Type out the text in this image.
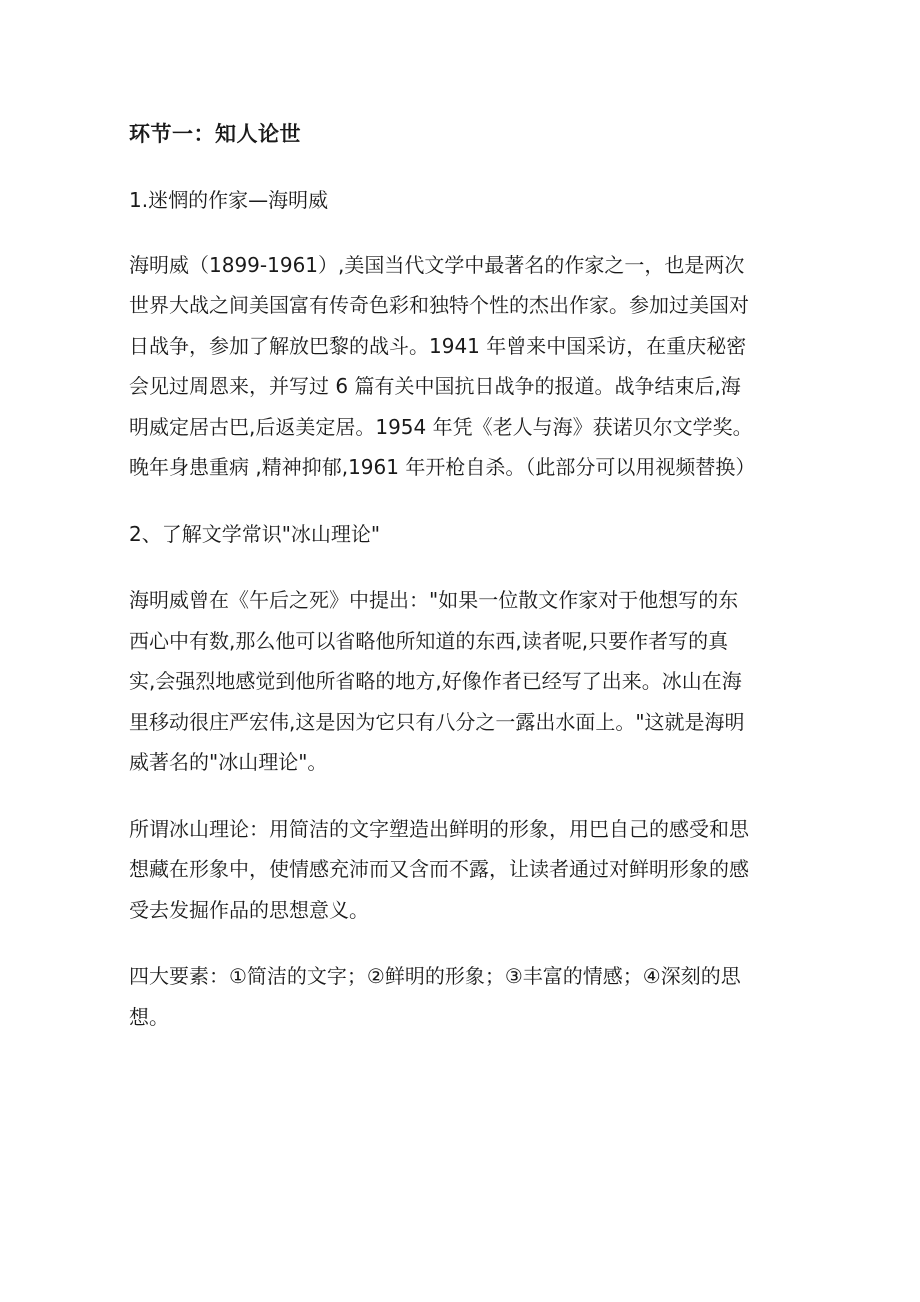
环节一：知人论世

1.迷惘的作家—海明威

海明威（1899-1961）,美国当代文学中最著名的作家之一，也是两次
世界大战之间美国富有传奇色彩和独特个性的杰出作家。参加过美国对
日战争，参加了解放巴黎的战斗。1941 年曾来中国采访，在重庆秘密
会见过周恩来，并写过 6 篇有关中国抗日战争的报道。战争结束后,海
明威定居古巴,后返美定居。1954 年凭《老人与海》获诺贝尔文学奖。
晚年身患重病 ,精神抑郁,1961 年开枪自杀。（此部分可以用视频替换）

2、了解文学常识"冰山理论"

海明威曾在《午后之死》中提出："如果一位散文作家对于他想写的东
西心中有数,那么他可以省略他所知道的东西,读者呢,只要作者写的真
实,会强烈地感觉到他所省略的地方,好像作者已经写了出来。冰山在海
里移动很庄严宏伟,这是因为它只有八分之一露出水面上。"这就是海明
威著名的"冰山理论"。

所谓冰山理论：用简洁的文字塑造出鲜明的形象，用巴自己的感受和思
想藏在形象中，使情感充沛而又含而不露，让读者通过对鲜明形象的感
受去发掘作品的思想意义。

四大要素：①简洁的文字；②鲜明的形象；③丰富的情感；④深刻的思
想。
